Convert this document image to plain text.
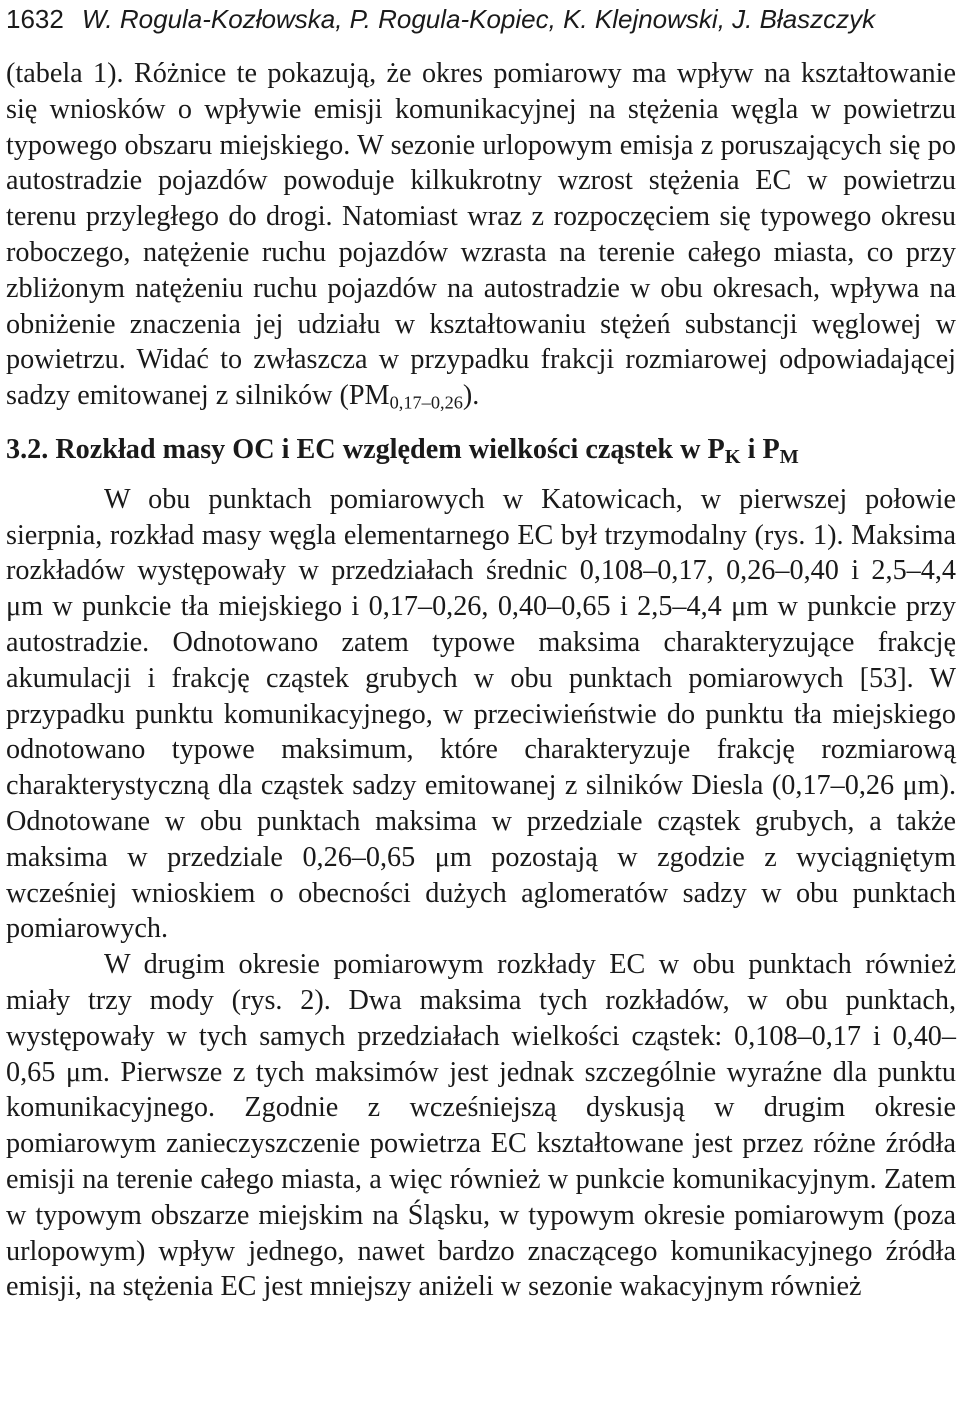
1632 W. Rogula-Kozłowska, P. Rogula-Kopiec, K. Klejnowski, J. Błaszczyk

(tabela 1). Różnice te pokazują, że okres pomiarowy ma wpływ na kształtowanie się wniosków o wpływie emisji komunikacyjnej na stężenia węgla w powietrzu typowego obszaru miejskiego. W sezonie urlopowym emisja z poruszających się po autostradzie pojazdów powoduje kilkukrotny wzrost stężenia EC w powietrzu terenu przyległego do drogi. Natomiast wraz z rozpoczęciem się typowego okresu roboczego, natężenie ruchu pojazdów wzrasta na terenie całego miasta, co przy zbliżonym natężeniu ruchu pojazdów na autostradzie w obu okresach, wpływa na obniżenie znaczenia jej udziału w kształtowaniu stężeń substancji węglowej w powietrzu. Widać to zwłaszcza w przypadku frakcji rozmiarowej odpowiadającej sadzy emitowanej z silników $(PM_{0,17-0,26})$.

3.2. Rozkład masy OC i EC względem wielkości cząstek w PK i PM

W obu punktach pomiarowych w Katowicach, w pierwszej połowie sierpnia, rozkład masy węgla elementarnego EC był trzymodalny (rys. 1). Maksima rozkładów występowały w przedziałach średnic 0,108–0,17, 0,26–0,40 i 2,5–4,4 μm w punkcie tła miejskiego i 0,17–0,26, 0,40–0,65 i 2,5–4,4 μm w punkcie przy autostradzie. Odnotowano zatem typowe maksima charakteryzujące frakcję akumulacji i frakcję cząstek grubych w obu punktach pomiarowych [53]. W przypadku punktu komunikacyjnego, w przeciwieństwie do punktu tła miejskiego odnotowano typowe maksimum, które charakteryzuje frakcję rozmiarową charakterystyczną dla cząstek sadzy emitowanej z silników Diesla (0,17–0,26 μm). Odnotowane w obu punktach maksima w przedziale cząstek grubych, a także maksima w przedziale 0,26–0,65 μm pozostają w zgodzie z wyciągniętym wcześniej wnioskiem o obecności dużych aglomeratów sadzy w obu punktach pomiarowych.

W drugim okresie pomiarowym rozkłady EC w obu punktach również miały trzy mody (rys. 2). Dwa maksima tych rozkładów, w obu punktach, występowały w tych samych przedziałach wielkości cząstek: 0,108–0,17 i 0,40–0,65 μm. Pierwsze z tych maksimów jest jednak szczególnie wyraźne dla punktu komunikacyjnego. Zgodnie z wcześniejszą dyskusją w drugim okresie pomiarowym zanieczyszczenie powietrza EC kształtowane jest przez różne źródła emisji na terenie całego miasta, a więc również w punkcie komunikacyjnym. Zatem w typowym obszarze miejskim na Śląsku, w typowym okresie pomiarowym (poza urlopowym) wpływ jednego, nawet bardzo znaczącego komunikacyjnego źródła emisji, na stężenia EC jest mniejszy aniżeli w sezonie wakacyjnym również
